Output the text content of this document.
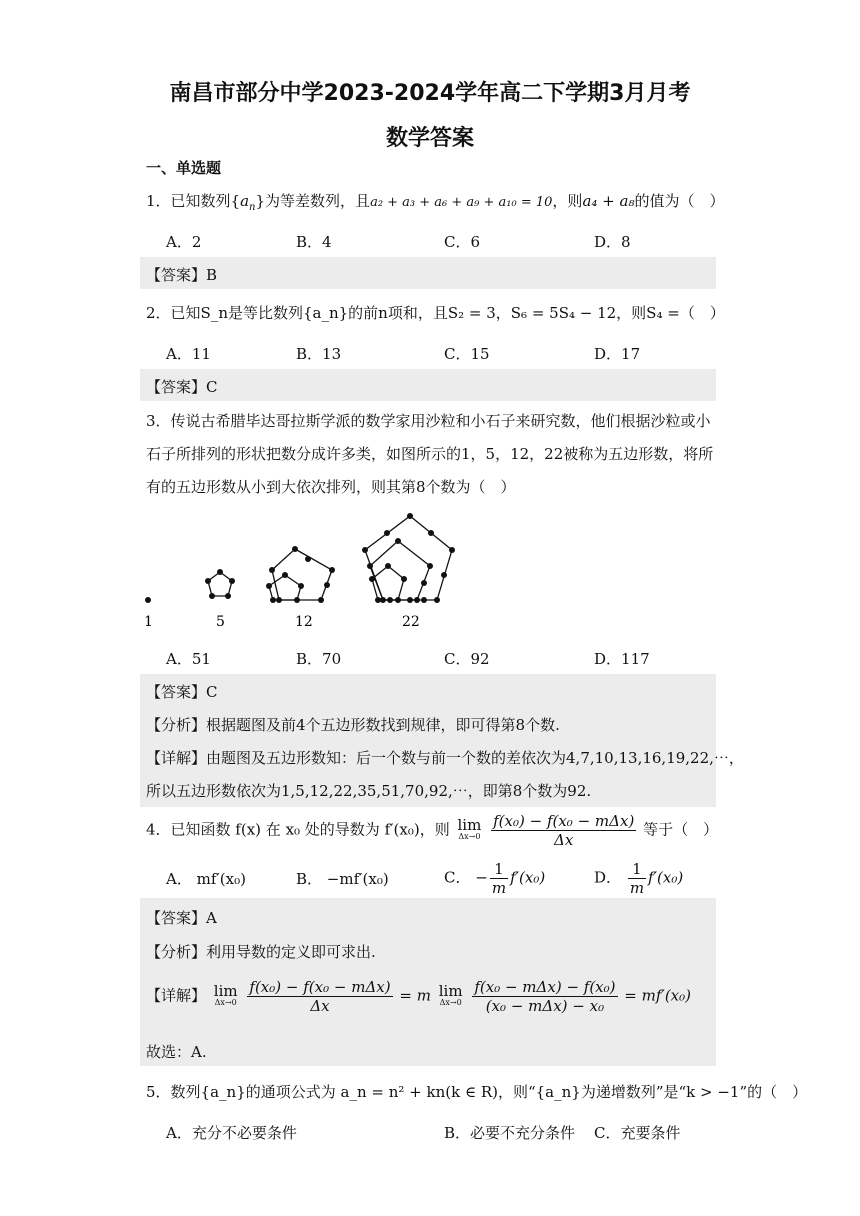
南昌市部分中学2023-2024学年高二下学期3月月考
数学答案
一、单选题
1．已知数列$\{a_n\}$为等差数列，且a₂ + a₃ + a₆ + a₉ + a₁₀ = 10，则a₄ + a₈的值为（　）
A．2	B．4	C．6	D．8
【答案】B
2．已知S_n是等比数列{a_n}的前n项和，且S₂ = 3，S₆ = 5S₄ − 12，则S₄ =（　）
A．11	B．13	C．15	D．17
【答案】C
3．传说古希腊毕达哥拉斯学派的数学家用沙粒和小石子来研究数，他们根据沙粒或小石子所排列的形状把数分成许多类，如图所示的1，5，12，22被称为五边形数，将所有的五边形数从小到大依次排列，则其第8个数为（　）
1	5	12	22
A．51	B．70	C．92	D．117
【答案】C
【分析】根据题图及前4个五边形数找到规律，即可得第8个数.
【详解】由题图及五边形数知：后一个数与前一个数的差依次为4,7,10,13,16,19,22,⋯，
所以五边形数依次为1,5,12,22,35,51,70,92,⋯，即第8个数为92.
4．已知函数 f(x) 在 x₀ 处的导数为 f′(x₀)，则 lim
Δx→0
$\frac{\text{f(x₀) − f(x₀ − mΔx)}}{\Delta x}$ 等于（　）
A． mf′(x₀)	B． −mf′(x₀)	C． − $\frac{1}{m} f'(x_0)$	D． $\frac{1}{m} f'(x_0)$
【答案】A
【分析】利用导数的定义即可求出.
【详解】 lim
Δx→0
$\frac{\text{f(x₀) − f(x₀ − mΔx)}}{\Delta x} = m$ lim
Δx→0
$\frac{\text{f(x₀ − mΔx) − f(x₀)}}{\text{(x₀ − mΔx) − x₀}} = mf'(x_0)$
故选：A.
5．数列{a_n}的通项公式为 a_n = n² + kn(k ∈ R)，则“{a_n}为递增数列”是“k > −1”的（　）
A．充分不必要条件	B．必要不充分条件 C．充要条件
